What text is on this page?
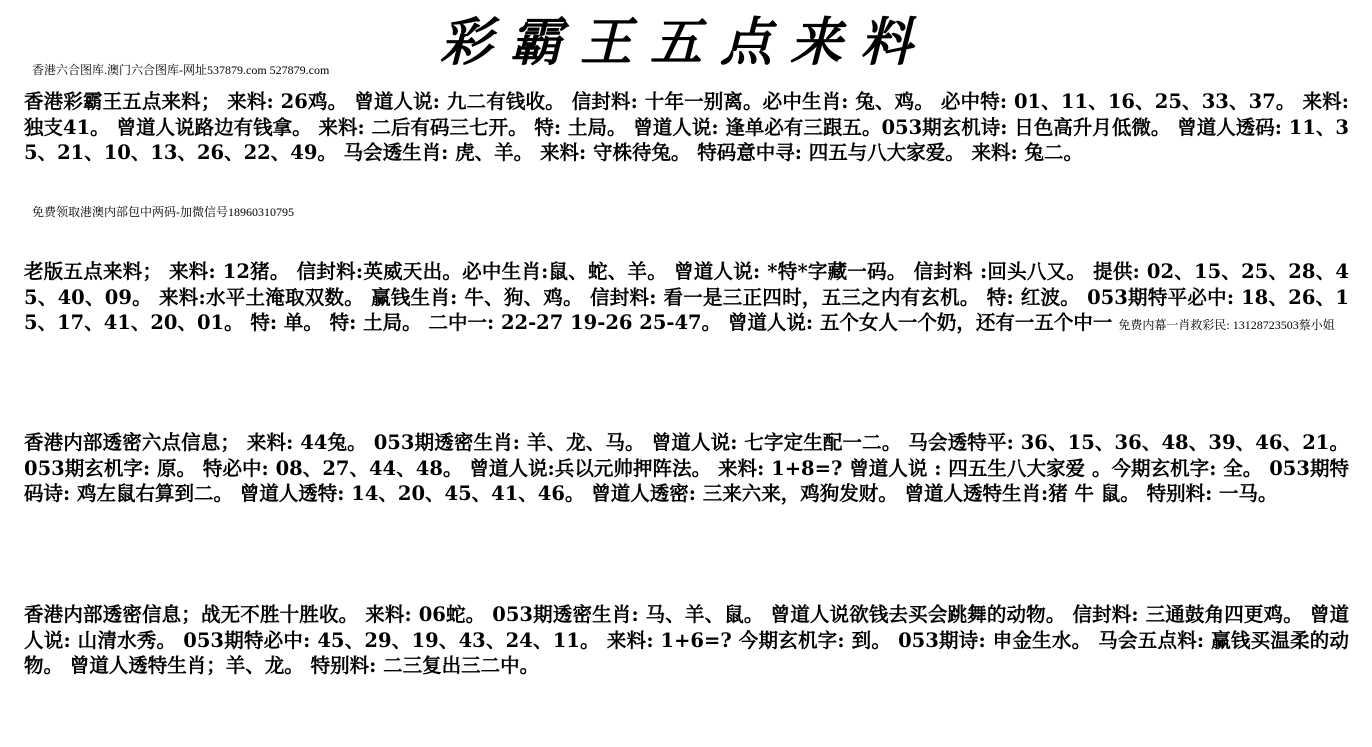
彩霸王五点来料
香港六合图库.澳门六合图库-网址537879.com 527879.com
香港彩霸王五点来料； 来料: 26鸡。 曾道人说: 九二有钱收。 信封料: 十年一别离。必中生肖: 兔、鸡。 必中特: 01、11、16、25、33、37。 来料: 独支41。 曾道人说路边有钱拿。 来料: 二后有码三七开。 特: 土局。 曾道人说: 逢单必有三跟五。053期玄机诗: 日色高升月低微。 曾道人透码: 11、35、21、10、13、26、22、49。 马会透生肖: 虎、羊。 来料: 守株待兔。 特码意中寻: 四五与八大家爱。 来料: 兔二。
免费领取港澳内部包中两码-加微信号18960310795
老版五点来料； 来料: 12猪。 信封料:英威天出。必中生肖:鼠、蛇、羊。 曾道人说: *特*字藏一码。 信封料 :回头八又。 提供: 02、15、25、28、45、40、09。 来料:水平土淹取双数。 赢钱生肖: 牛、狗、鸡。 信封料: 看一是三正四时，五三之内有玄机。 特: 红波。 053期特平必中: 18、26、15、17、41、20、01。 特: 单。 特: 土局。 二中一: 22-27 19-26 25-47。 曾道人说: 五个女人一个奶，还有一五个中一 免费内幕一肖救彩民: 13128723503蔡小姐
香港内部透密六点信息； 来料: 44兔。 053期透密生肖: 羊、龙、马。 曾道人说: 七字定生配一二。 马会透特平: 36、15、36、48、39、46、21。 053期玄机字: 原。 特必中: 08、27、44、48。 曾道人说:兵以元帅押阵法。 来料: 1+8=? 曾道人说 : 四五生八大家爱 。今期玄机字: 全。 053期特码诗: 鸡左鼠右算到二。 曾道人透特: 14、20、45、41、46。 曾道人透密: 三来六来，鸡狗发财。 曾道人透特生肖:猪 牛 鼠。 特别料: 一马。
香港内部透密信息；战无不胜十胜收。 来料: 06蛇。 053期透密生肖: 马、羊、鼠。 曾道人说欲钱去买会跳舞的动物。 信封料: 三通鼓角四更鸡。 曾道人说: 山清水秀。 053期特必中: 45、29、19、43、24、11。 来料: 1+6=? 今期玄机字: 到。 053期诗: 申金生水。 马会五点料: 赢钱买温柔的动物。 曾道人透特生肖；羊、龙。 特别料: 二三复出三二中。
